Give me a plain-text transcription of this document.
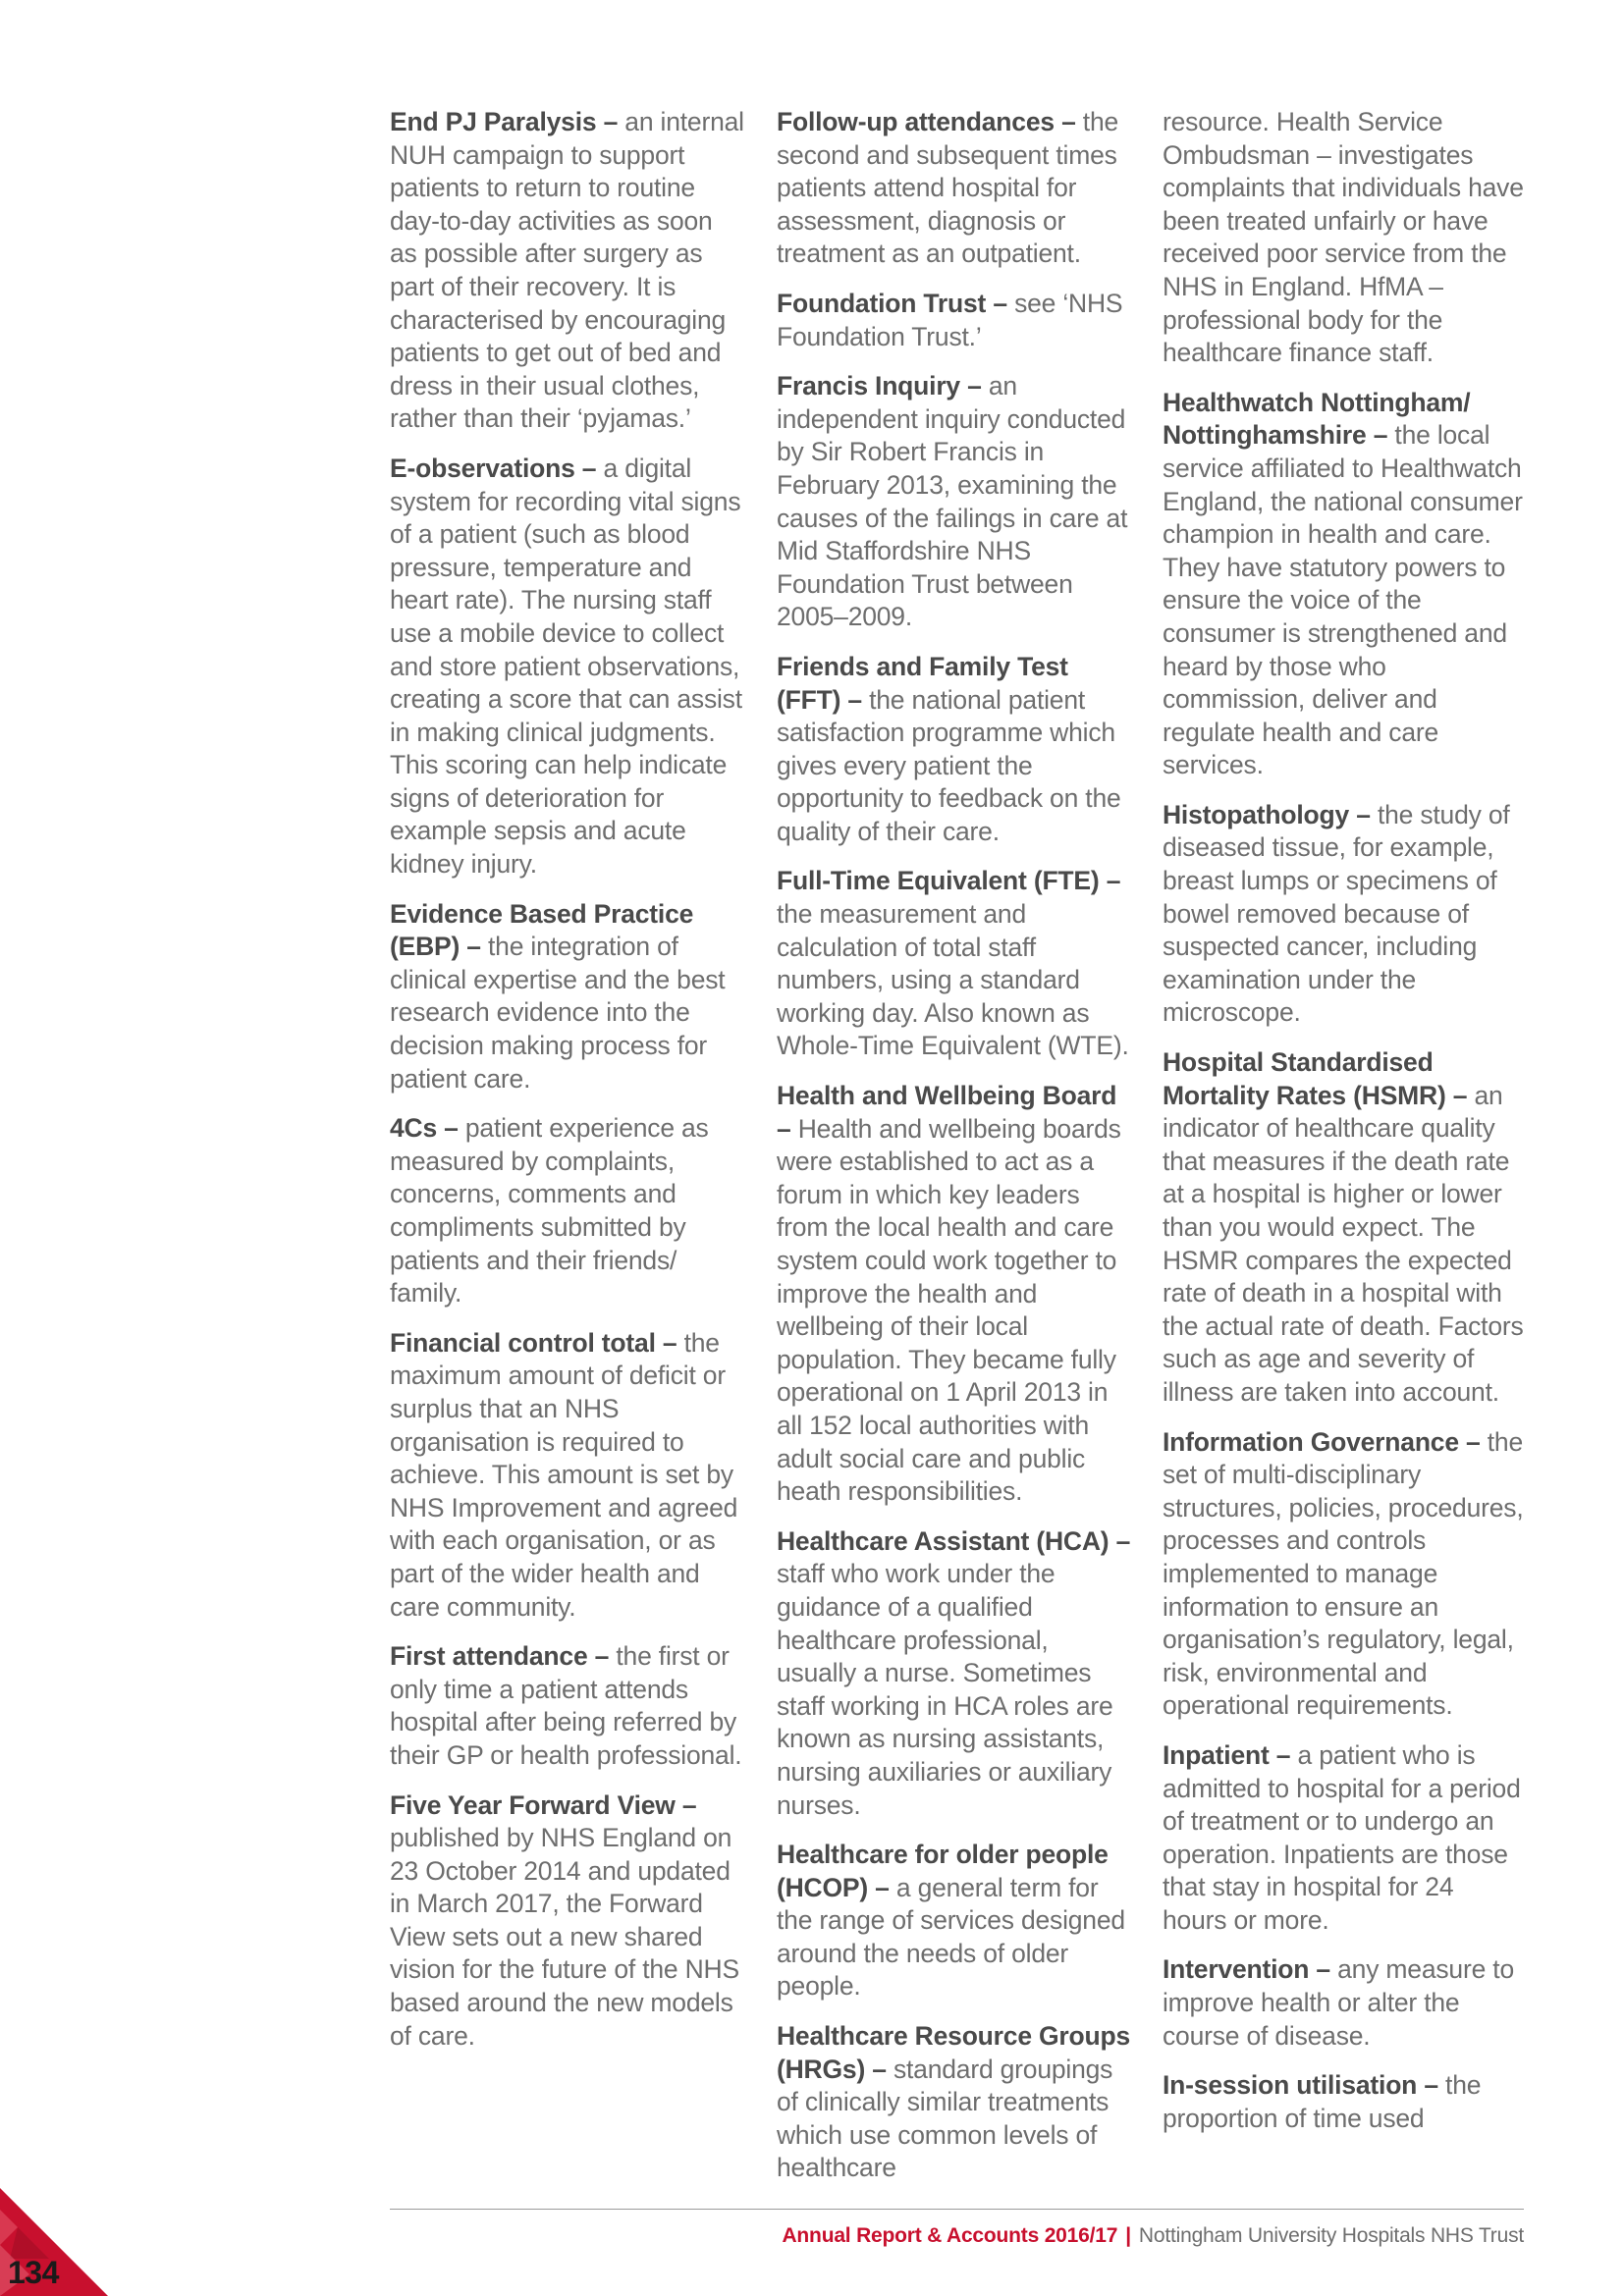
End PJ Paralysis – an internal NUH campaign to support patients to return to routine day-to-day activities as soon as possible after surgery as part of their recovery. It is characterised by encouraging patients to get out of bed and dress in their usual clothes, rather than their ‘pyjamas.’
E-observations – a digital system for recording vital signs of a patient (such as blood pressure, temperature and heart rate). The nursing staff use a mobile device to collect and store patient observations, creating a score that can assist in making clinical judgments. This scoring can help indicate signs of deterioration for example sepsis and acute kidney injury.
Evidence Based Practice (EBP) – the integration of clinical expertise and the best research evidence into the decision making process for patient care.
4Cs – patient experience as measured by complaints, concerns, comments and compliments submitted by patients and their friends/ family.
Financial control total – the maximum amount of deficit or surplus that an NHS organisation is required to achieve. This amount is set by NHS Improvement and agreed with each organisation, or as part of the wider health and care community.
First attendance – the first or only time a patient attends hospital after being referred by their GP or health professional.
Five Year Forward View – published by NHS England on 23 October 2014 and updated in March 2017, the Forward View sets out a new shared vision for the future of the NHS based around the new models of care.
Follow-up attendances – the second and subsequent times patients attend hospital for assessment, diagnosis or treatment as an outpatient.
Foundation Trust – see ‘NHS Foundation Trust.’
Francis Inquiry – an independent inquiry conducted by Sir Robert Francis in February 2013, examining the causes of the failings in care at Mid Staffordshire NHS Foundation Trust between 2005–2009.
Friends and Family Test (FFT) – the national patient satisfaction programme which gives every patient the opportunity to feedback on the quality of their care.
Full-Time Equivalent (FTE) – the measurement and calculation of total staff numbers, using a standard working day. Also known as Whole-Time Equivalent (WTE).
Health and Wellbeing Board – Health and wellbeing boards were established to act as a forum in which key leaders from the local health and care system could work together to improve the health and wellbeing of their local population. They became fully operational on 1 April 2013 in all 152 local authorities with adult social care and public heath responsibilities.
Healthcare Assistant (HCA) – staff who work under the guidance of a qualified healthcare professional, usually a nurse. Sometimes staff working in HCA roles are known as nursing assistants, nursing auxiliaries or auxiliary nurses.
Healthcare for older people (HCOP) – a general term for the range of services designed around the needs of older people.
Healthcare Resource Groups (HRGs) – standard groupings of clinically similar treatments which use common levels of healthcare
resource. Health Service Ombudsman – investigates complaints that individuals have been treated unfairly or have received poor service from the NHS in England. HfMA – professional body for the healthcare finance staff.
Healthwatch Nottingham/ Nottinghamshire – the local service affiliated to Healthwatch England, the national consumer champion in health and care. They have statutory powers to ensure the voice of the consumer is strengthened and heard by those who commission, deliver and regulate health and care services.
Histopathology – the study of diseased tissue, for example, breast lumps or specimens of bowel removed because of suspected cancer, including examination under the microscope.
Hospital Standardised Mortality Rates (HSMR) – an indicator of healthcare quality that measures if the death rate at a hospital is higher or lower than you would expect. The HSMR compares the expected rate of death in a hospital with the actual rate of death. Factors such as age and severity of illness are taken into account.
Information Governance – the set of multi-disciplinary structures, policies, procedures, processes and controls implemented to manage information to ensure an organisation’s regulatory, legal, risk, environmental and operational requirements.
Inpatient – a patient who is admitted to hospital for a period of treatment or to undergo an operation. Inpatients are those that stay in hospital for 24 hours or more.
Intervention – any measure to improve health or alter the course of disease.
In-session utilisation – the proportion of time used
Annual Report & Accounts 2016/17 | Nottingham University Hospitals NHS Trust
134
